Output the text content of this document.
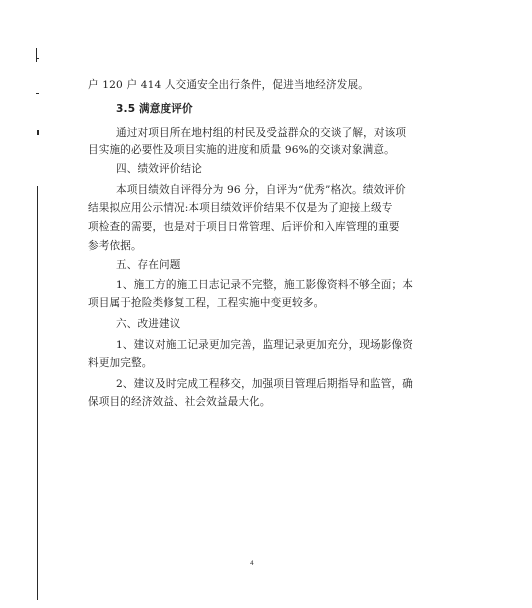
户 120 户 414 人交通安全出行条件，促进当地经济发展。
3.5 满意度评价
通过对项目所在地村组的村民及受益群众的交谈了解，对该项
目实施的必要性及项目实施的进度和质量 96%的交谈对象满意。
四、绩效评价结论
本项目绩效自评得分为 96 分，自评为“优秀”格次。绩效评价
结果拟应用公示情况:本项目绩效评价结果不仅是为了迎接上级专
项检查的需要，也是对于项目日常管理、后评价和入库管理的重要
参考依据。
五、存在问题
1、施工方的施工日志记录不完整，施工影像资料不够全面；本
项目属于抢险类修复工程，工程实施中变更较多。
六、改进建议
1、建议对施工记录更加完善，监理记录更加充分，现场影像资
料更加完整。
2、建议及时完成工程移交，加强项目管理后期指导和监管，确
保项目的经济效益、社会效益最大化。
4
